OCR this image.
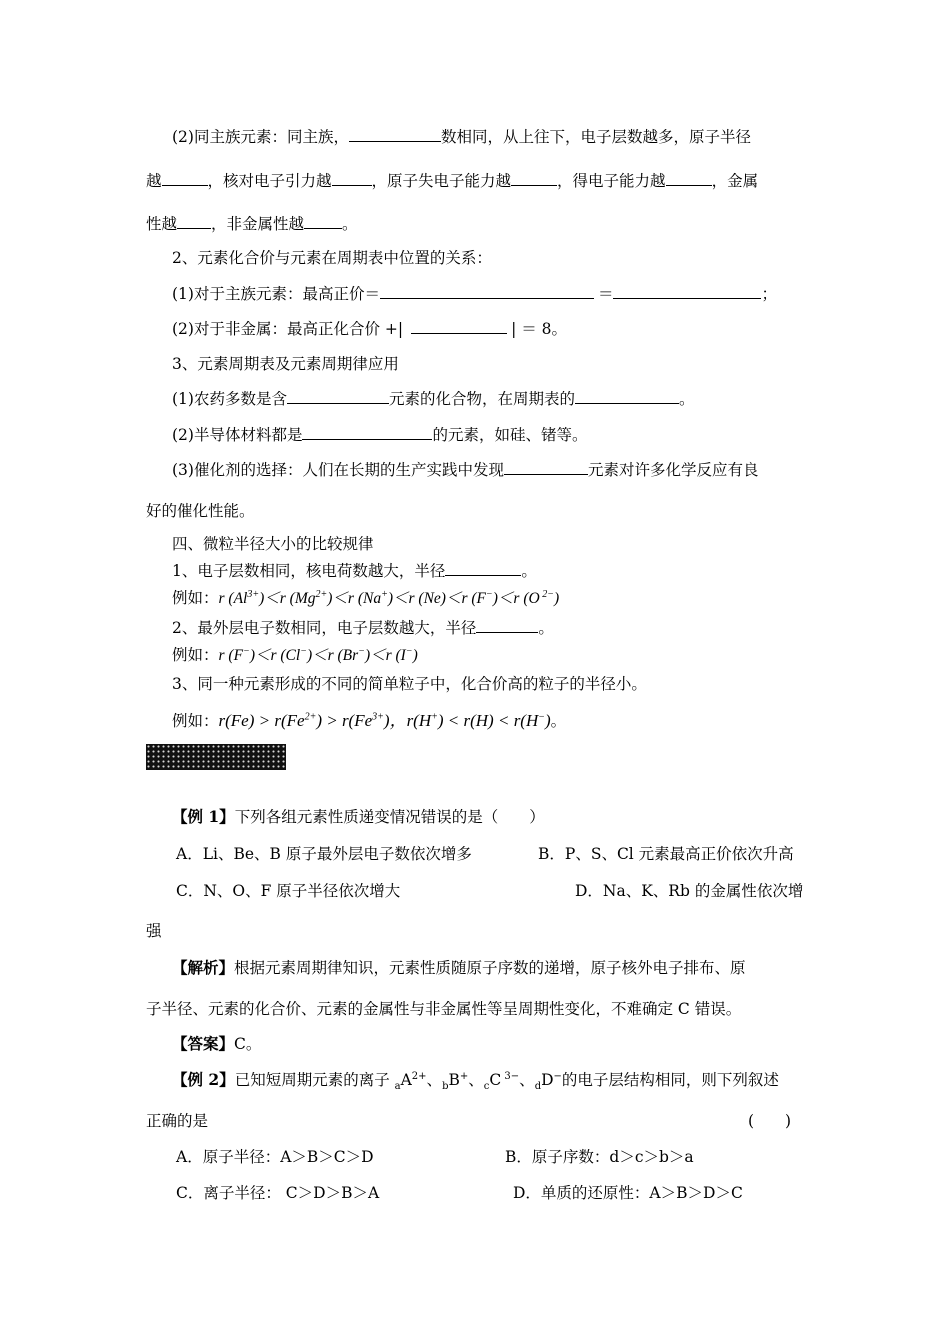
(2)同主族元素：同主族，	数相同，从上往下，电子层数越多，原子半径
越	，核对电子引力越	，原子失电子能力越	，得电子能力越	，金属
性越 ，非金属性越 。
2、元素化合价与元素在周期表中位置的关系：
(1)对于主族元素：最高正价＝	＝	；
(2)对于非金属：最高正化合价 +|	| ＝ 8。
3、元素周期表及元素周期律应用
(1)农药多数是含	元素的化合物，在周期表的	。
(2)半导体材料都是	的元素，如硅、锗等。
(3)催化剂的选择：人们在长期的生产实践中发现	元素对许多化学反应有良
好的催化性能。
四、微粒半径大小的比较规律
1、电子层数相同，核电荷数越大，半径	。
例如：r $(Al^{3+})<r$ $(Mg^{2+})<r$ (Na+)＜r (Ne)＜r (F−)＜r (O $^{2-}$)
2、最外层电子数相同，电子层数越大，半径	。
例如：r (F−)＜r (Cl−)＜r (Br−)＜r (I−)
3、同一种元素形成的不同的简单粒子中，化合价高的粒子的半径小。
例如：$r(Fe) > r(Fe^{2+}) > r(Fe^{3+})$，r(H+) < r(H) < r(H−)。
【例 1】下列各组元素性质递变情况错误的是（　　）
A．Li、Be、B 原子最外层电子数依次增多	B．P、S、Cl 元素最高正价依次升高
C．N、O、F 原子半径依次增大	D．Na、K、Rb 的金属性依次增
强
【解析】根据元素周期律知识，元素性质随原子序数的递增，原子核外电子排布、原
子半径、元素的化合价、元素的金属性与非金属性等呈周期性变化，不难确定 C 错误。
【答案】C。
【例 2】已知短周期元素的离子 $_aA^{2+}$、$_b$B+、$_c$C $^{3-}$、$_d$D−的电子层结构相同，则下列叙述
正确的是	(　　)
A．原子半径：A＞B＞C＞D	B．原子序数：d＞c＞b＞a
C．离子半径： C＞D＞B＞A	D．单质的还原性：A＞B＞D＞C
